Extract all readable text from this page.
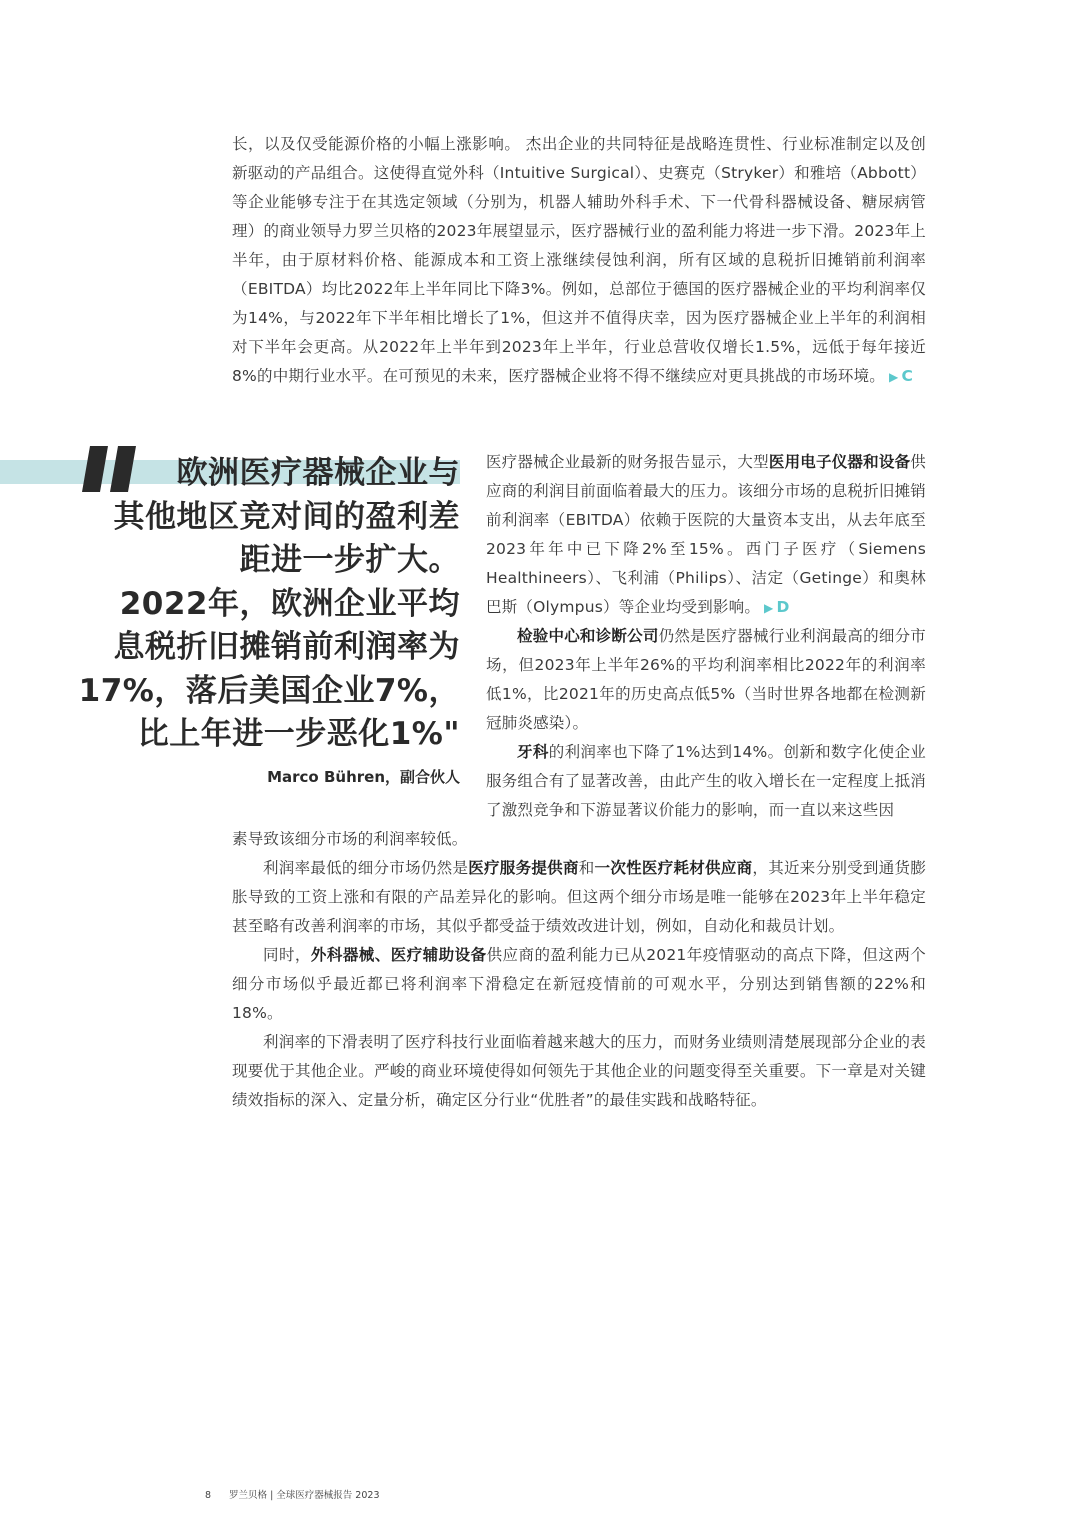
长，以及仅受能源价格的小幅上涨影响。 杰出企业的共同特征是战略连贯性、行业标准制定以及创新驱动的产品组合。这使得直觉外科（Intuitive Surgical）、史赛克（Stryker）和雅培（Abbott）等企业能够专注于在其选定领域（分别为，机器人辅助外科手术、下一代骨科器械设备、糖尿病管理）的商业领导力罗兰贝格的2023年展望显示，医疗器械行业的盈利能力将进一步下滑。2023年上半年，由于原材料价格、能源成本和工资上涨继续侵蚀利润，所有区域的息税折旧摊销前利润率（EBITDA）均比2022年上半年同比下降3%。例如，总部位于德国的医疗器械企业的平均利润率仅为14%，与2022年下半年相比增长了1%，但这并不值得庆幸，因为医疗器械企业上半年的利润相对下半年会更高。从2022年上半年到2023年上半年，行业总营收仅增长1.5%，远低于每年接近8%的中期行业水平。在可预见的未来，医疗器械企业将不得不继续应对更具挑战的市场环境。 ▶ C

欧洲医疗器械企业与
其他地区竞对间的盈利差
距进一步扩大。
2022年，欧洲企业平均
息税折旧摊销前利润率为
17%，落后美国企业7%，
比上年进一步恶化1%"

Marco Bühren，副合伙人

医疗器械企业最新的财务报告显示，大型医用电子仪器和设备供应商的利润目前面临着最大的压力。该细分市场的息税折旧摊销前利润率（EBITDA）依赖于医院的大量资本支出，从去年底至2023年年中已下降2%至15%。西门子医疗（Siemens Healthineers）、飞利浦（Philips）、洁定（Getinge）和奥林巴斯（Olympus）等企业均受到影响。 ▶ D

检验中心和诊断公司仍然是医疗器械行业利润最高的细分市场，但2023年上半年26%的平均利润率相比2022年的利润率低1%，比2021年的历史高点低5%（当时世界各地都在检测新冠肺炎感染）。

牙科的利润率也下降了1%达到14%。创新和数字化使企业服务组合有了显著改善，由此产生的收入增长在一定程度上抵消了激烈竞争和下游显著议价能力的影响，而一直以来这些因

素导致该细分市场的利润率较低。

利润率最低的细分市场仍然是医疗服务提供商和一次性医疗耗材供应商，其近来分别受到通货膨胀导致的工资上涨和有限的产品差异化的影响。但这两个细分市场是唯一能够在2023年上半年稳定甚至略有改善利润率的市场，其似乎都受益于绩效改进计划，例如，自动化和裁员计划。

同时，外科器械、医疗辅助设备供应商的盈利能力已从2021年疫情驱动的高点下降，但这两个细分市场似乎最近都已将利润率下滑稳定在新冠疫情前的可观水平，分别达到销售额的22%和18%。

利润率的下滑表明了医疗科技行业面临着越来越大的压力，而财务业绩则清楚展现部分企业的表现要优于其他企业。严峻的商业环境使得如何领先于其他企业的问题变得至关重要。下一章是对关键绩效指标的深入、定量分析，确定区分行业“优胜者”的最佳实践和战略特征。

8 罗兰贝格 | 全球医疗器械报告 2023
